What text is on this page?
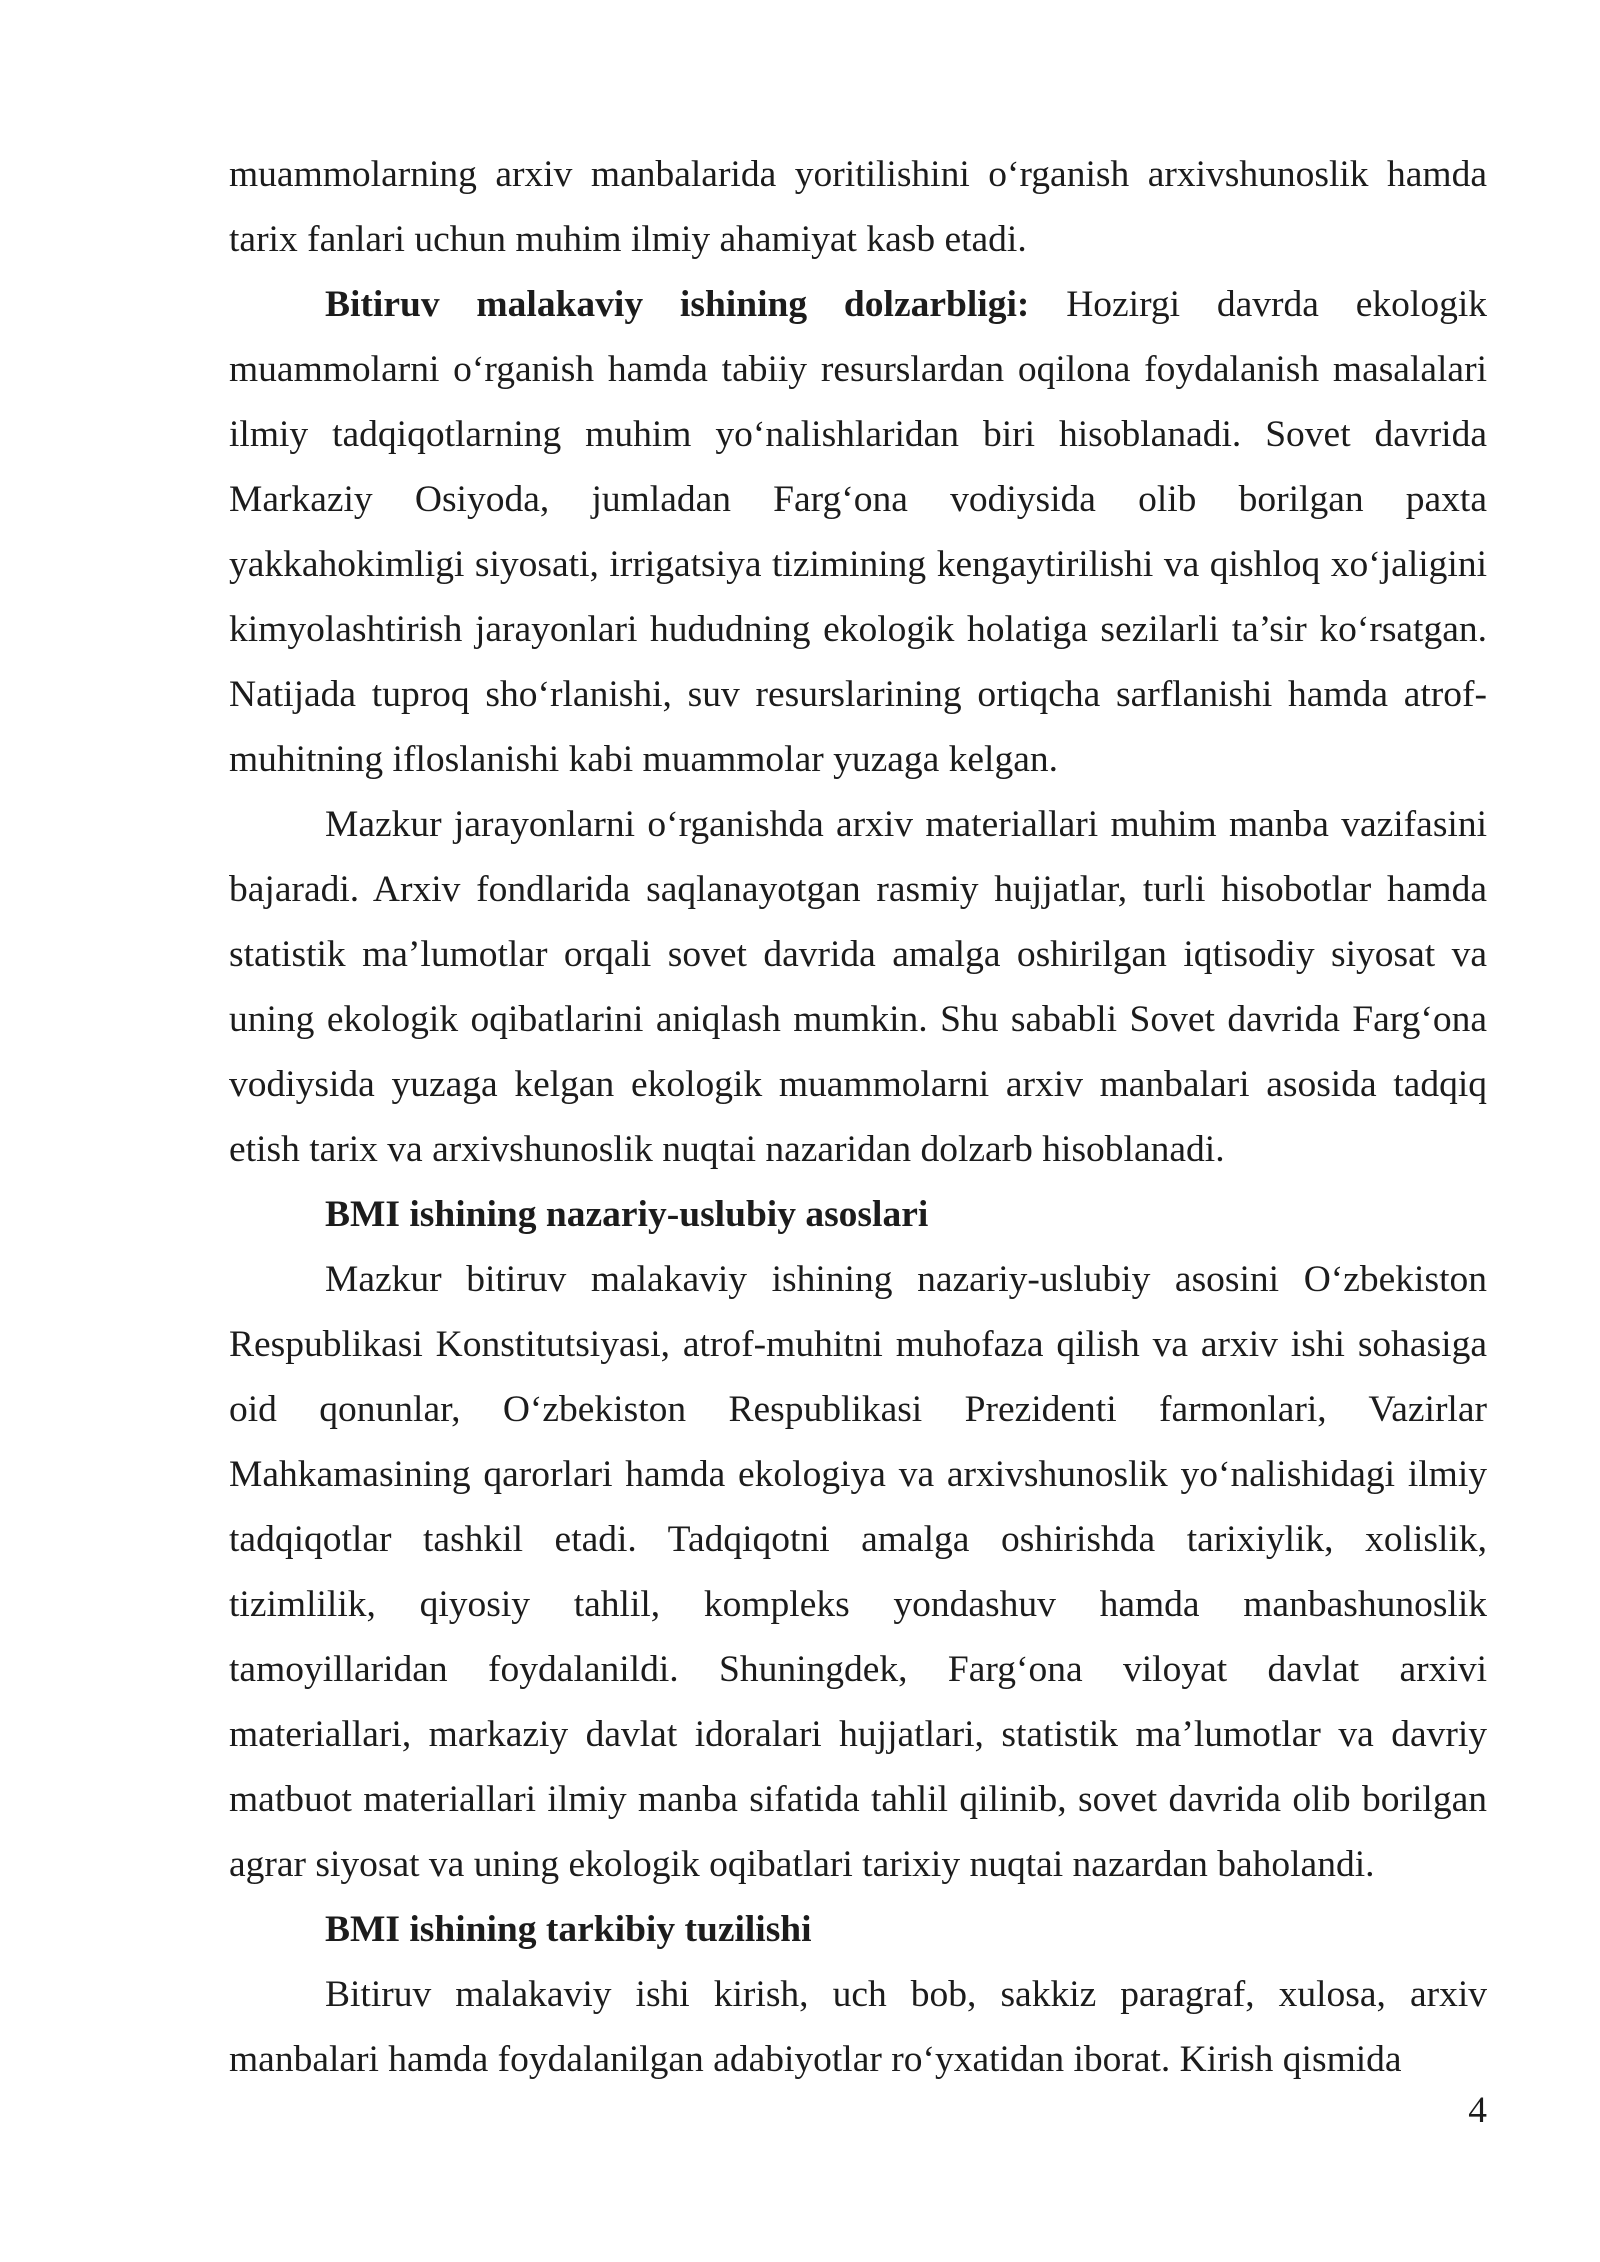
muammolarning arxiv manbalarida yoritilishini o‘rganish arxivshunoslik hamda tarix fanlari uchun muhim ilmiy ahamiyat kasb etadi.

Bitiruv malakaviy ishining dolzarbligi: Hozirgi davrda ekologik muammolarni o‘rganish hamda tabiiy resurslardan oqilona foydalanish masalalari ilmiy tadqiqotlarning muhim yo‘nalishlaridan biri hisoblanadi. Sovet davrida Markaziy Osiyoda, jumladan Farg‘ona vodiysida olib borilgan paxta yakkahokimligi siyosati, irrigatsiya tizimining kengaytirilishi va qishloq xo‘jaligini kimyolashtirish jarayonlari hududning ekologik holatiga sezilarli ta’sir ko‘rsatgan. Natijada tuproq sho‘rlanishi, suv resurslarining ortiqcha sarflanishi hamda atrof-muhitning ifloslanishi kabi muammolar yuzaga kelgan.

Mazkur jarayonlarni o‘rganishda arxiv materiallari muhim manba vazifasini bajaradi. Arxiv fondlarida saqlanayotgan rasmiy hujjatlar, turli hisobotlar hamda statistik ma’lumotlar orqali sovet davrida amalga oshirilgan iqtisodiy siyosat va uning ekologik oqibatlarini aniqlash mumkin. Shu sababli Sovet davrida Farg‘ona vodiysida yuzaga kelgan ekologik muammolarni arxiv manbalari asosida tadqiq etish tarix va arxivshunoslik nuqtai nazaridan dolzarb hisoblanadi.

BMI ishining nazariy-uslubiy asoslari

Mazkur bitiruv malakaviy ishining nazariy-uslubiy asosini O‘zbekiston Respublikasi Konstitutsiyasi, atrof-muhitni muhofaza qilish va arxiv ishi sohasiga oid qonunlar, O‘zbekiston Respublikasi Prezidenti farmonlari, Vazirlar Mahkamasining qarorlari hamda ekologiya va arxivshunoslik yo‘nalishidagi ilmiy tadqiqotlar tashkil etadi. Tadqiqotni amalga oshirishda tarixiylik, xolislik, tizimlilik, qiyosiy tahlil, kompleks yondashuv hamda manbashunoslik tamoyillaridan foydalanildi. Shuningdek, Farg‘ona viloyat davlat arxivi materiallari, markaziy davlat idoralari hujjatlari, statistik ma’lumotlar va davriy matbuot materiallari ilmiy manba sifatida tahlil qilinib, sovet davrida olib borilgan agrar siyosat va uning ekologik oqibatlari tarixiy nuqtai nazardan baholandi.

BMI ishining tarkibiy tuzilishi

Bitiruv malakaviy ishi kirish, uch bob, sakkiz paragraf, xulosa, arxiv manbalari hamda foydalanilgan adabiyotlar ro‘yxatidan iborat. Kirish qismida

4
